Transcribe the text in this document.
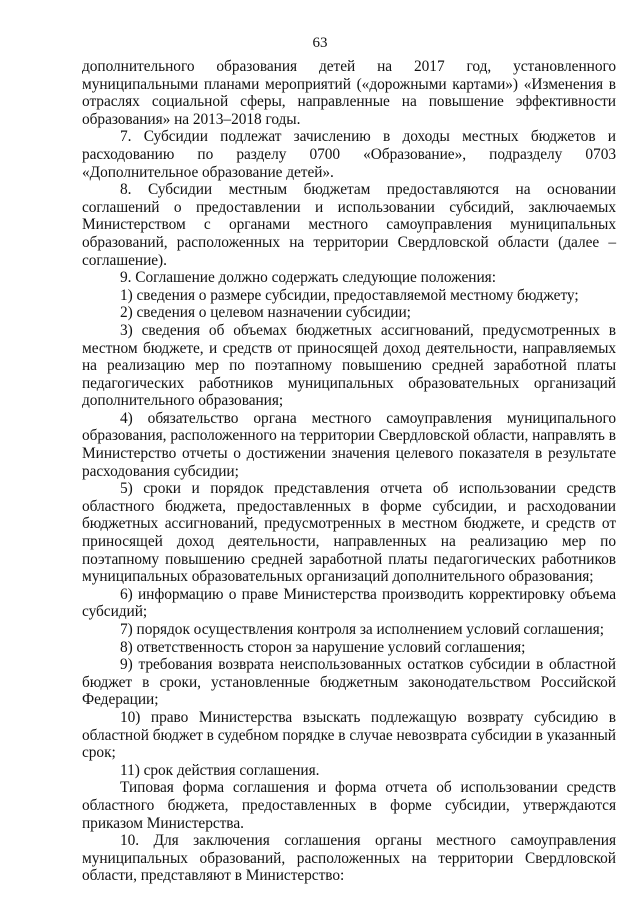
63

дополнительного образования детей на 2017 год, установленного муниципальными планами мероприятий («дорожными картами») «Изменения в отраслях социальной сферы, направленные на повышение эффективности образования» на 2013–2018 годы.

7. Субсидии подлежат зачислению в доходы местных бюджетов и расходованию по разделу 0700 «Образование», подразделу 0703 «Дополнительное образование детей».

8. Субсидии местным бюджетам предоставляются на основании соглашений о предоставлении и использовании субсидий, заключаемых Министерством с органами местного самоуправления муниципальных образований, расположенных на территории Свердловской области (далее – соглашение).

9. Соглашение должно содержать следующие положения:

1) сведения о размере субсидии, предоставляемой местному бюджету;

2) сведения о целевом назначении субсидии;

3) сведения об объемах бюджетных ассигнований, предусмотренных в местном бюджете, и средств от приносящей доход деятельности, направляемых на реализацию мер по поэтапному повышению средней заработной платы педагогических работников муниципальных образовательных организаций дополнительного образования;

4) обязательство органа местного самоуправления муниципального образования, расположенного на территории Свердловской области, направлять в Министерство отчеты о достижении значения целевого показателя в результате расходования субсидии;

5) сроки и порядок представления отчета об использовании средств областного бюджета, предоставленных в форме субсидии, и расходовании бюджетных ассигнований, предусмотренных в местном бюджете, и средств от приносящей доход деятельности, направленных на реализацию мер по поэтапному повышению средней заработной платы педагогических работников муниципальных образовательных организаций дополнительного образования;

6) информацию о праве Министерства производить корректировку объема субсидий;

7) порядок осуществления контроля за исполнением условий соглашения;

8) ответственность сторон за нарушение условий соглашения;

9) требования возврата неиспользованных остатков субсидии в областной бюджет в сроки, установленные бюджетным законодательством Российской Федерации;

10) право Министерства взыскать подлежащую возврату субсидию в областной бюджет в судебном порядке в случае невозврата субсидии в указанный срок;

11) срок действия соглашения.

Типовая форма соглашения и форма отчета об использовании средств областного бюджета, предоставленных в форме субсидии, утверждаются приказом Министерства.

10. Для заключения соглашения органы местного самоуправления муниципальных образований, расположенных на территории Свердловской области, представляют в Министерство:
